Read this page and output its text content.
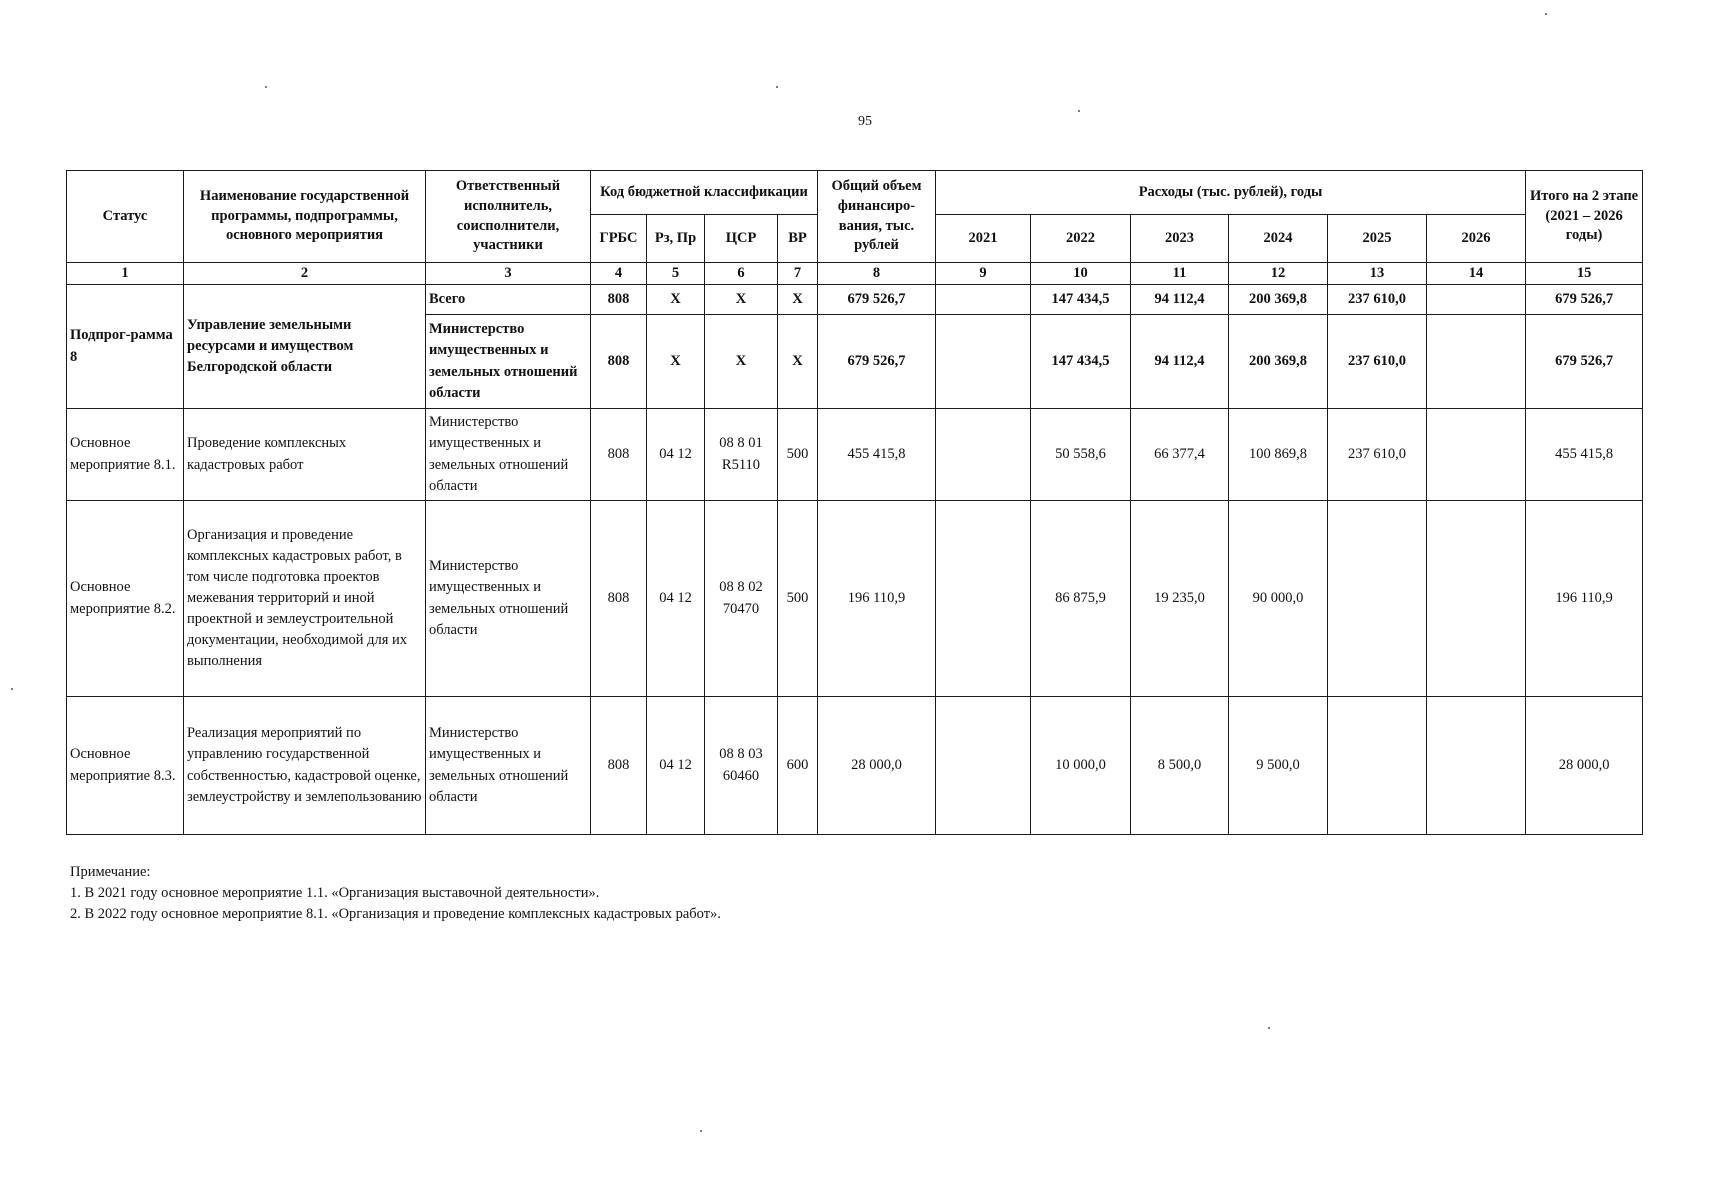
95
Статус	Наименование государственной программы, подпрограммы, основного мероприятия	Ответственный исполнитель, соисполнители, участники	Код бюджетной классификации				Общий объем финансиро-вания, тыс. рублей	Расходы (тыс. рублей), годы						Итого на 2 этапе (2021 – 2026 годы)
			ГРБС	Рз, Пр	ЦСР	ВР		2021	2022	2023	2024	2025	2026	
1	2	3	4	5	6	7	8	9	10	11	12	13	14	15
Подпрог-рамма 8	Управление земельными ресурсами и имуществом Белгородской области	Всего	808	X	X	X	679 526,7		147 434,5	94 112,4	200 369,8	237 610,0		679 526,7
		Министерство имущественных и земельных отношений области	808	X	X	X	679 526,7		147 434,5	94 112,4	200 369,8	237 610,0		679 526,7
Основное мероприятие 8.1.	Проведение комплексных кадастровых работ	Министерство имущественных и земельных отношений области	808	04 12	08 8 01 R5110	500	455 415,8		50 558,6	66 377,4	100 869,8	237 610,0		455 415,8
Основное мероприятие 8.2.	Организация и проведение комплексных кадастровых работ, в том числе подготовка проектов межевания территорий и иной проектной и землеустроительной документации, необходимой для их выполнения	Министерство имущественных и земельных отношений области	808	04 12	08 8 02 70470	500	196 110,9		86 875,9	19 235,0	90 000,0			196 110,9
Основное мероприятие 8.3.	Реализация мероприятий по управлению государственной собственностью, кадастровой оценке, землеустройству и землепользованию	Министерство имущественных и земельных отношений области	808	04 12	08 8 03 60460	600	28 000,0		10 000,0	8 500,0	9 500,0			28 000,0
Примечание:
1. В 2021 году основное мероприятие 1.1. «Организация выставочной деятельности».
2. В 2022 году основное мероприятие 8.1. «Организация и проведение комплексных кадастровых работ».
